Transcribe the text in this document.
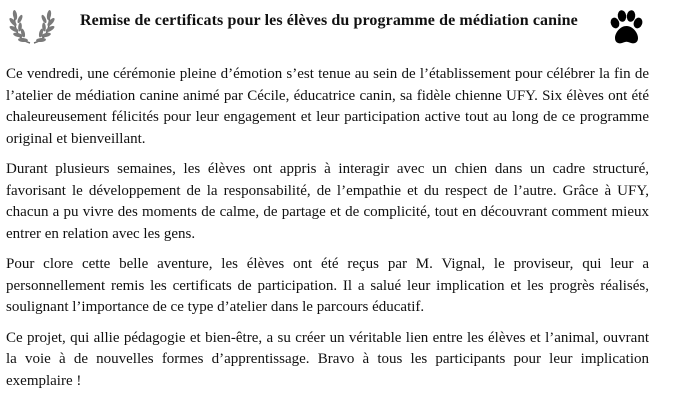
Remise de certificats pour les élèves du programme de médiation canine

Ce vendredi, une cérémonie pleine d’émotion s’est tenue au sein de l’établissement pour célébrer la fin de l’atelier de médiation canine animé par Cécile, éducatrice canin, sa fidèle chienne UFY. Six élèves ont été chaleureusement félicités pour leur engagement et leur participation active tout au long de ce programme original et bienveillant.

Durant plusieurs semaines, les élèves ont appris à interagir avec un chien dans un cadre structuré, favorisant le développement de la responsabilité, de l’empathie et du respect de l’autre. Grâce à UFY, chacun a pu vivre des moments de calme, de partage et de complicité, tout en découvrant comment mieux entrer en relation avec les gens.

Pour clore cette belle aventure, les élèves ont été reçus par M. Vignal, le proviseur, qui leur a personnellement remis les certificats de participation. Il a salué leur implication et les progrès réalisés, soulignant l’importance de ce type d’atelier dans le parcours éducatif.

Ce projet, qui allie pédagogie et bien-être, a su créer un véritable lien entre les élèves et l’animal, ouvrant la voie à de nouvelles formes d’apprentissage. Bravo à tous les participants pour leur implication exemplaire !
